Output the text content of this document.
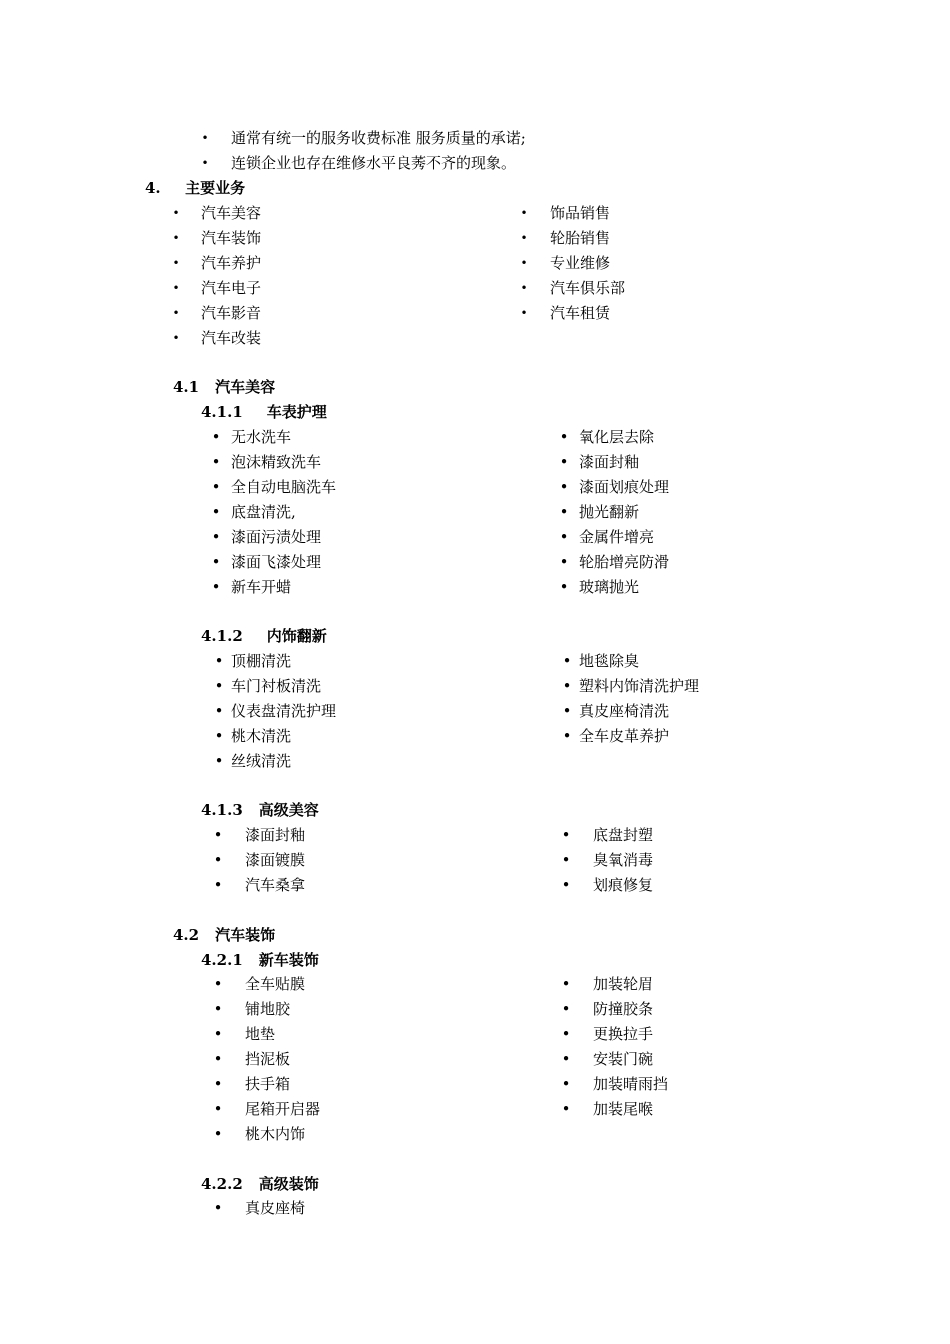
• 通常有统一的服务收费标准 服务质量的承诺;
• 连锁企业也存在维修水平良莠不齐的现象。
4. 主要业务
• 汽车美容
• 汽车装饰
• 汽车养护
• 汽车电子
• 汽车影音
• 汽车改装
• 饰品销售
• 轮胎销售
• 专业维修
• 汽车俱乐部
• 汽车租赁
4.1 汽车美容
4.1.1 车表护理
• 无水洗车
• 泡沫精致洗车
• 全自动电脑洗车
• 底盘清洗,
• 漆面污渍处理
• 漆面飞漆处理
• 新车开蜡
• 氧化层去除
• 漆面封釉
• 漆面划痕处理
• 抛光翻新
• 金属件增亮
• 轮胎增亮防滑
• 玻璃抛光
4.1.2 内饰翻新
• 顶棚清洗
• 车门衬板清洗
• 仪表盘清洗护理
• 桃木清洗
• 丝绒清洗
• 地毯除臭
• 塑料内饰清洗护理
• 真皮座椅清洗
• 全车皮革养护
4.1.3 高级美容
• 漆面封釉
• 漆面镀膜
• 汽车桑拿
• 底盘封塑
• 臭氧消毒
• 划痕修复
4.2 汽车装饰
4.2.1 新车装饰
• 全车贴膜
• 铺地胶
• 地垫
• 挡泥板
• 扶手箱
• 尾箱开启器
• 桃木内饰
• 加装轮眉
• 防撞胶条
• 更换拉手
• 安装门碗
• 加装晴雨挡
• 加装尾喉
4.2.2 高级装饰
• 真皮座椅
